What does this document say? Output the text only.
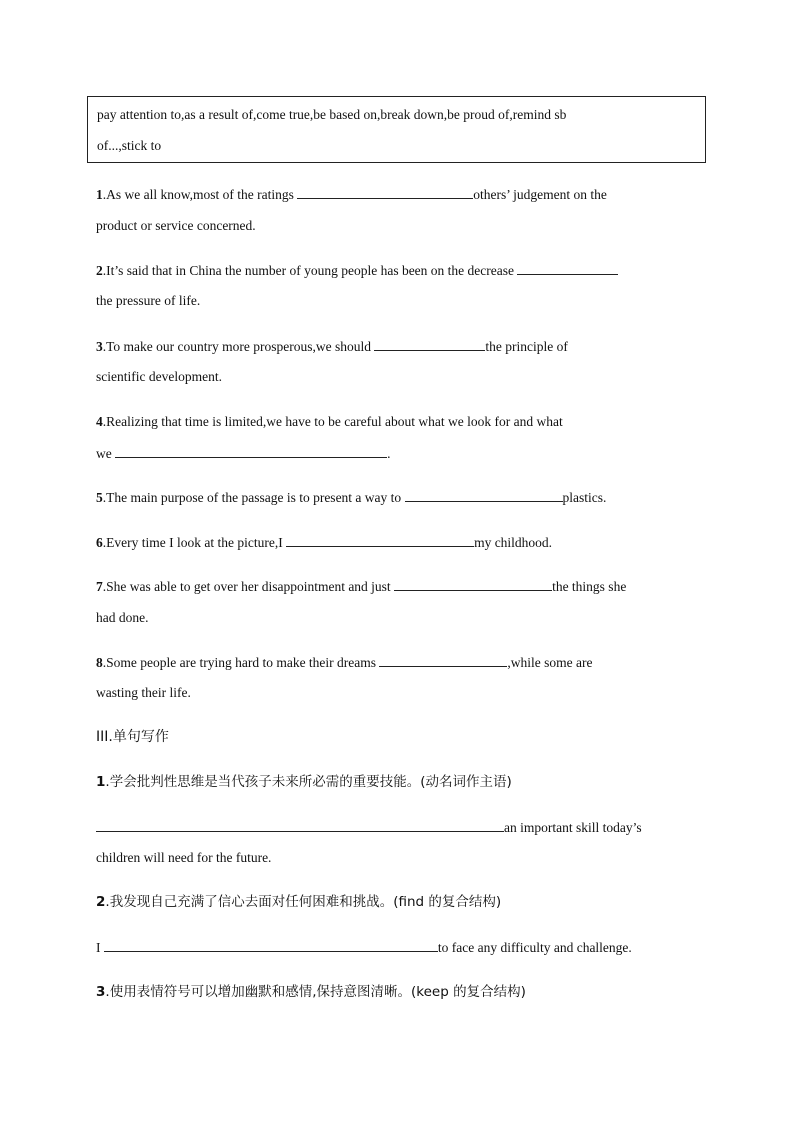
pay attention to,as a result of,come true,be based on,break down,be proud of,remind sb
of...,stick to
1.As we all know,most of the ratings	others’ judgement on the
product or service concerned.
2.It’s said that in China the number of young people has been on the decrease
the pressure of life.
3.To make our country more prosperous,we should	the principle of
scientific development.
4.Realizing that time is limited,we have to be careful about what we look for and what
we	.
5.The main purpose of the passage is to present a way to	plastics.
6.Every time I look at the picture,I	my childhood.
7.She was able to get over her disappointment and just	the things she
had done.
8.Some people are trying hard to make their dreams	,while some are
wasting their life.
III.单句写作
1.学会批判性思维是当代孩子未来所必需的重要技能。(动名词作主语)
an important skill today’s
children will need for the future.
2.我发现自己充满了信心去面对任何困难和挑战。(find 的复合结构)
I	to face any difficulty and challenge.
3.使用表情符号可以增加幽默和感情,保持意图清晰。(keep 的复合结构)
